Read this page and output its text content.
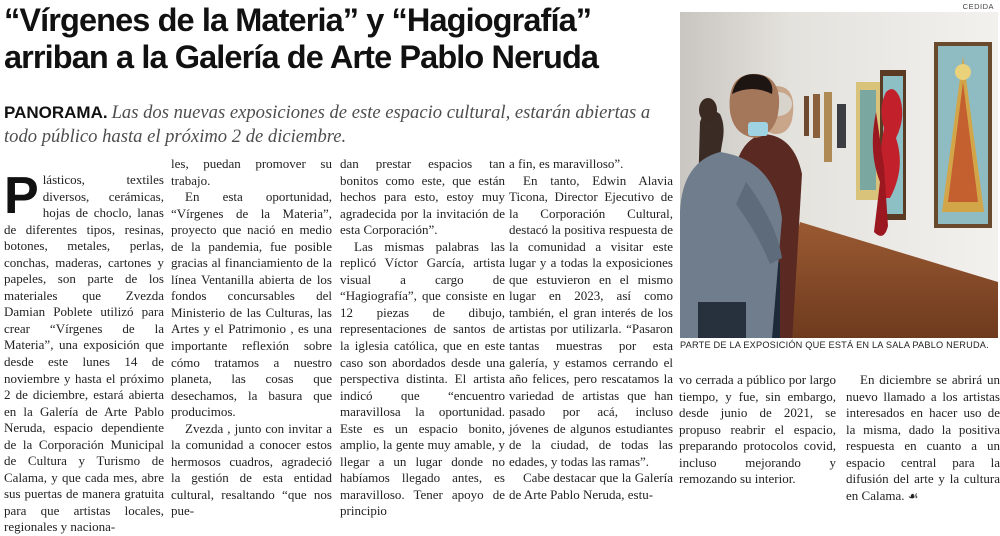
“Vírgenes de la Materia” y “Hagiografía” arriban a la Galería de Arte Pablo Neruda

PANORAMA. Las dos nuevas exposiciones de este espacio cultural, estarán abiertas a todo público hasta el próximo 2 de diciembre.

Plásticos, textiles diversos, cerámicas, hojas de choclo, lanas de diferentes tipos, resinas, botones, metales, perlas, conchas, maderas, cartones y papeles, son parte de los materiales que Zvezda Damian Poblete utilizó para crear “Vírgenes de la Materia”, una exposición que desde este lunes 14 de noviembre y hasta el próximo 2 de diciembre, estará abierta en la Galería de Arte Pablo Neruda, espacio dependiente de la Corporación Municipal de Cultura y Turismo de Calama, y que cada mes, abre sus puertas de manera gratuita para que artistas locales, regionales y naciona-

les, puedan promover su trabajo.

En esta oportunidad, “Vírgenes de la Materia”, proyecto que nació en medio de la pandemia, fue posible gracias al financiamiento de la línea Ventanilla abierta de los fondos concursables del Ministerio de las Culturas, las Artes y el Patrimonio , es una importante reflexión sobre cómo tratamos a nuestro planeta, las cosas que desechamos, la basura que producimos.

Zvezda , junto con invitar a la comunidad a conocer estos hermosos cuadros, agradeció la gestión de esta entidad cultural, resaltando “que nos pue-

dan prestar espacios tan bonitos como este, que están hechos para esto, estoy muy agradecida por la invitación de esta Corporación”.

Las mismas palabras las replicó Víctor García, artista visual a cargo de “Hagiografía”, que consiste en 12 piezas de dibujo, representaciones de santos de la iglesia católica, que en este caso son abordados desde una perspectiva distinta. El artista indicó que “encuentro maravillosa la oportunidad. Este es un espacio bonito, amplio, la gente muy amable, y llegar a un lugar donde no habíamos llegado antes, es maravilloso. Tener apoyo de principio

a fin, es maravilloso”.

En tanto, Edwin Alavia Ticona, Director Ejecutivo de la Corporación Cultural, destacó la positiva respuesta de la comunidad a visitar este lugar y a todas la exposiciones que estuvieron en el mismo lugar en 2023, así como también, el gran interés de los artistas por utilizarla. “Pasaron tantas muestras por esta galería, y estamos cerrando el año felices, pero rescatamos la variedad de artistas que han pasado por acá, incluso jóvenes de algunos estudiantes de la ciudad, de todas las edades, y todas las ramas”.

Cabe destacar que la Galería de Arte Pablo Neruda, estu-

vo cerrada a público por largo tiempo, y fue, sin embargo, desde junio de 2021, se propuso reabrir el espacio, preparando protocolos covid, incluso mejorando y remozando su interior.

En diciembre se abrirá un nuevo llamado a los artistas interesados en hacer uso de la misma, dado la positiva respuesta en cuanto a un espacio central para la difusión del arte y la cultura en Calama. ☙

CEDIDA

PARTE DE LA EXPOSICIÓN QUE ESTÁ EN LA SALA PABLO NERUDA.
